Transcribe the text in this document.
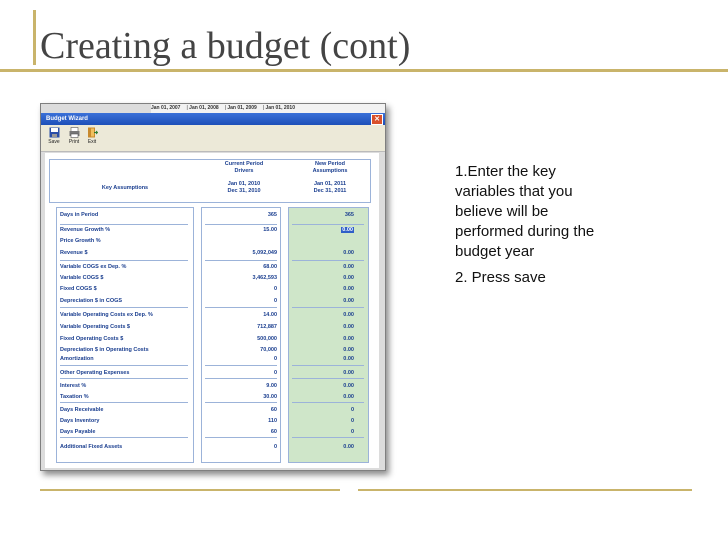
Creating a budget (cont)
Jan 01, 2007 | Jan 01, 2008 | Jan 01, 2009 | Jan 01, 2010
Budget Wizard	✕
Save	Print	Exit
Key Assumptions
Current Period
Drivers
Jan 01, 2010
Dec 31, 2010
New Period
Assumptions
Jan 01, 2011
Dec 31, 2011
Days in Period	365	365
Revenue Growth %	15.00	0.00
Price Growth %
Revenue $	5,092,049	0.00
Variable COGS ex Dep. %	68.00	0.00
Variable COGS $	3,462,593	0.00
Fixed COGS $	0	0.00
Depreciation $ in COGS	0	0.00
Variable Operating Costs ex Dep. %	14.00	0.00
Variable Operating Costs $	712,887	0.00
Fixed Operating Costs $	500,000	0.00
Depreciation $ in Operating Costs	70,000	0.00
Amortization	0	0.00
Other Operating Expenses	0	0.00
Interest %	9.00	0.00
Taxation %	30.00	0.00
Days Receivable	60	0
Days Inventory	110	0
Days Payable	60	0
Additional Fixed Assets	0	0.00

1.Enter the key variables that you believe will be performed during the budget year

2. Press save
